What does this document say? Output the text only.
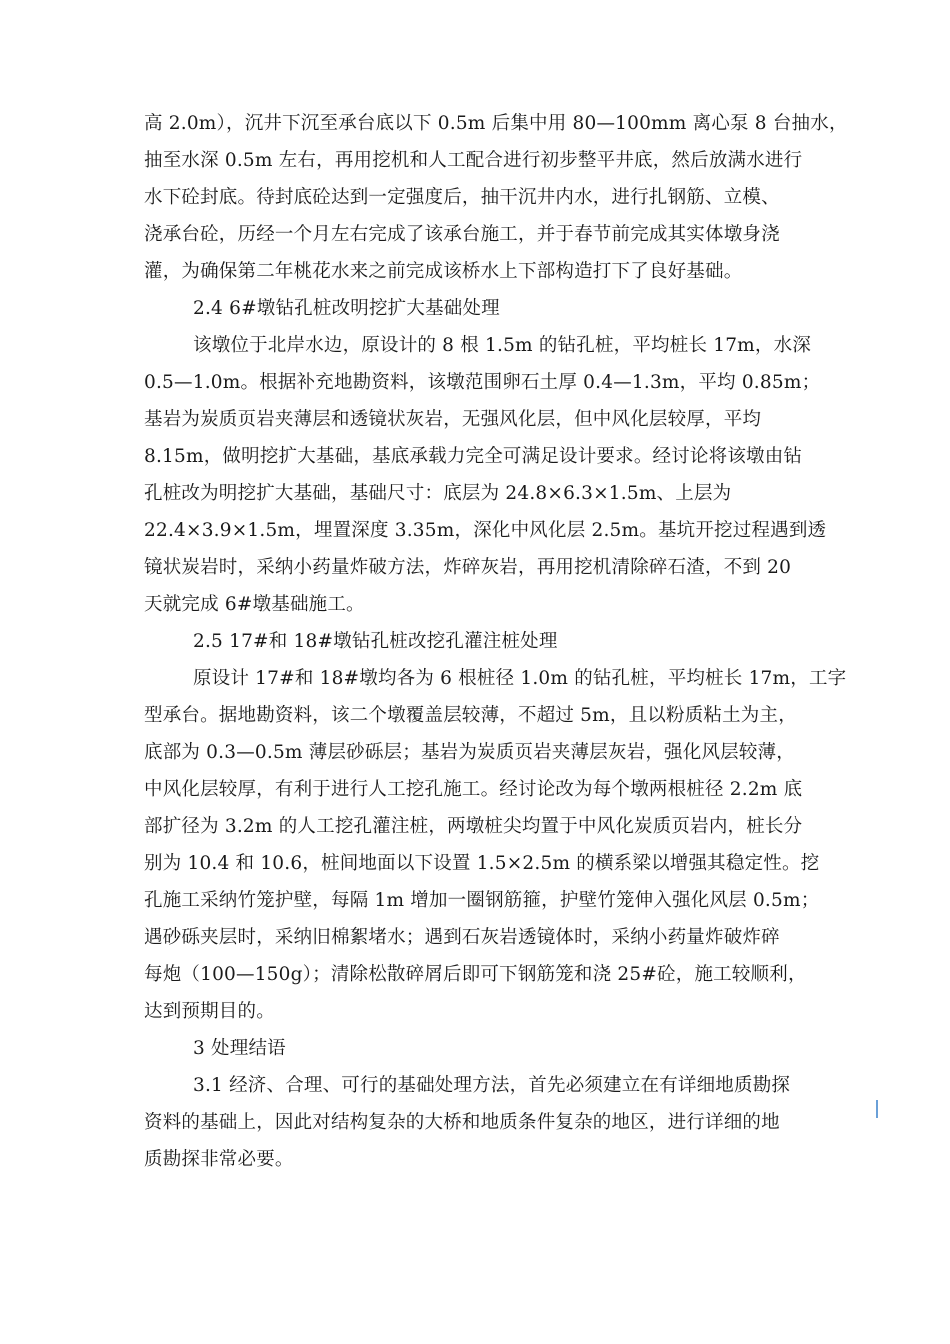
高 2.0m），沉井下沉至承台底以下 0.5m 后集中用 80—100mm 离心泵 8 台抽水，
抽至水深 0.5m 左右，再用挖机和人工配合进行初步整平井底，然后放满水进行
水下砼封底。待封底砼达到一定强度后，抽干沉井内水，进行扎钢筋、立模、
浇承台砼，历经一个月左右完成了该承台施工，并于春节前完成其实体墩身浇
灌，为确保第二年桃花水来之前完成该桥水上下部构造打下了良好基础。
2.4 6#墩钻孔桩改明挖扩大基础处理
该墩位于北岸水边，原设计的 8 根 1.5m 的钻孔桩，平均桩长 17m，水深
0.5—1.0m。根据补充地勘资料，该墩范围卵石土厚 0.4—1.3m，平均 0.85m；
基岩为炭质页岩夹薄层和透镜状灰岩，无强风化层，但中风化层较厚，平均
8.15m，做明挖扩大基础，基底承载力完全可满足设计要求。经讨论将该墩由钻
孔桩改为明挖扩大基础，基础尺寸：底层为 24.8×6.3×1.5m、上层为
22.4×3.9×1.5m，埋置深度 3.35m，深化中风化层 2.5m。基坑开挖过程遇到透
镜状炭岩时，采纳小药量炸破方法，炸碎灰岩，再用挖机清除碎石渣，不到 20
天就完成 6#墩基础施工。
2.5 17#和 18#墩钻孔桩改挖孔灌注桩处理
原设计 17#和 18#墩均各为 6 根桩径 1.0m 的钻孔桩，平均桩长 17m，工字
型承台。据地勘资料，该二个墩覆盖层较薄，不超过 5m，且以粉质粘土为主，
底部为 0.3—0.5m 薄层砂砾层；基岩为炭质页岩夹薄层灰岩，强化风层较薄，
中风化层较厚，有利于进行人工挖孔施工。经讨论改为每个墩两根桩径 2.2m 底
部扩径为 3.2m 的人工挖孔灌注桩，两墩桩尖均置于中风化炭质页岩内，桩长分
别为 10.4 和 10.6，桩间地面以下设置 1.5×2.5m 的横系梁以增强其稳定性。挖
孔施工采纳竹笼护壁，每隔 1m 增加一圈钢筋箍，护壁竹笼伸入强化风层 0.5m；
遇砂砾夹层时，采纳旧棉絮堵水；遇到石灰岩透镜体时，采纳小药量炸破炸碎
每炮（100—150g）；清除松散碎屑后即可下钢筋笼和浇 25#砼，施工较顺利，
达到预期目的。
3 处理结语
3.1 经济、合理、可行的基础处理方法，首先必须建立在有详细地质勘探
资料的基础上，因此对结构复杂的大桥和地质条件复杂的地区，进行详细的地
质勘探非常必要。
